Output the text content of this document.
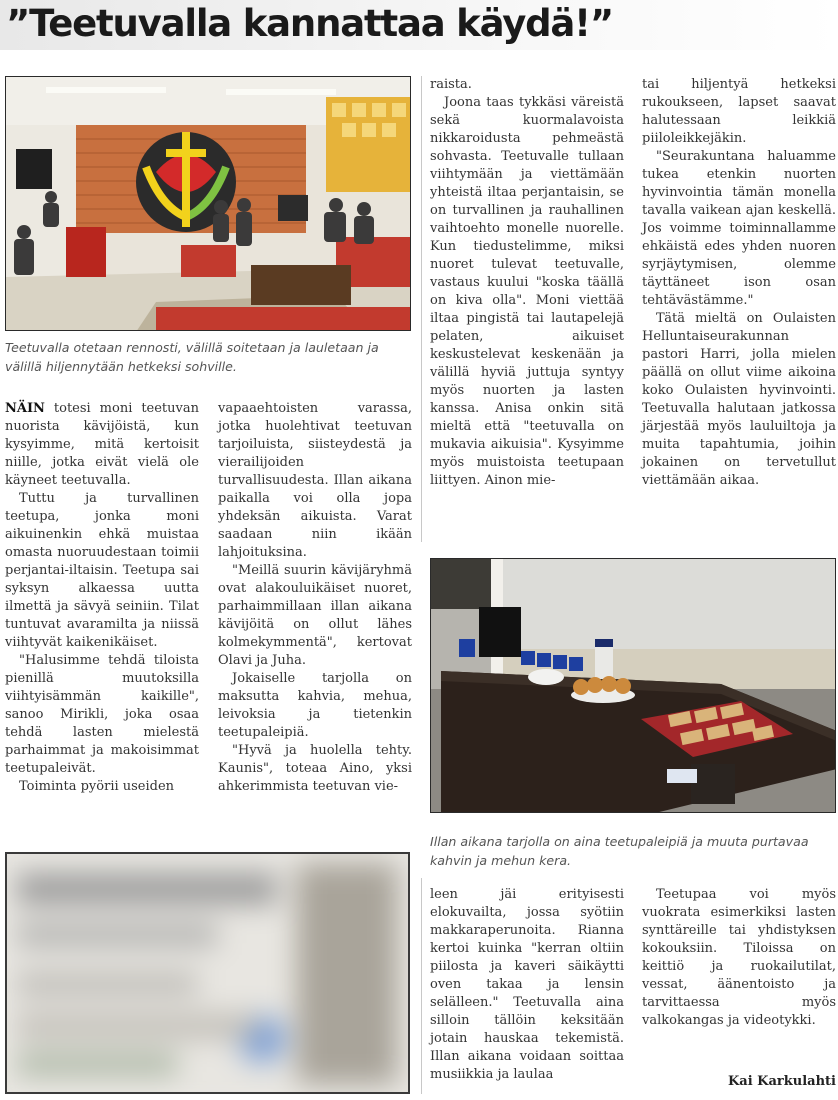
”Teetuvalla kannattaa käydä!”
Teetuvalla otetaan rennosti, välillä soitetaan ja lauletaan ja välillä hiljennytään hetkeksi sohville.

NÄIN totesi moni teetuvan nuorista kävijöistä, kun kysyimme, mitä kertoisit niille, jotka eivät vielä ole käyneet teetuvalla.

Tuttu ja turvallinen teetupa, jonka moni aikuinenkin ehkä muistaa omasta nuoruudestaan toimii perjantai-iltaisin. Teetupa sai syksyn alkaessa uutta ilmettä ja sävyä seiniin. Tilat tuntuvat avaramilta ja niissä viihtyvät kaikenikäiset.

"Halusimme tehdä tiloista pienillä muutoksilla viihtyisämmän kaikille", sanoo Mirikli, joka osaa tehdä lasten mielestä parhaimmat ja makoisimmat teetupaleivät.

Toiminta pyörii useiden

vapaaehtoisten varassa, jotka huolehtivat teetuvan tarjoiluista, siisteydestä ja vierailijoiden turvallisuudesta. Illan aikana paikalla voi olla jopa yhdeksän aikuista. Varat saadaan niin ikään lahjoituksina.

"Meillä suurin kävijäryhmä ovat alakouluikäiset nuoret, parhaimmillaan illan aikana kävijöitä on ollut lähes kolmekymmentä", kertovat Olavi ja Juha.

Jokaiselle tarjolla on maksutta kahvia, mehua, leivoksia ja tietenkin teetupaleipiä.

"Hyvä ja huolella tehty. Kaunis", toteaa Aino, yksi ahkerimmista teetuvan vie-

raista.

Joona taas tykkäsi väreistä sekä kuormalavoista nikkaroidusta pehmeästä sohvasta. Teetuvalle tullaan viihtymään ja viettämään yhteistä iltaa perjantaisin, se on turvallinen ja rauhallinen vaihtoehto monelle nuorelle. Kun tiedustelimme, miksi nuoret tulevat teetuvalle, vastaus kuului "koska täällä on kiva olla". Moni viettää iltaa pingistä tai lautapelejä pelaten, aikuiset keskustelevat keskenään ja välillä hyviä juttuja syntyy myös nuorten ja lasten kanssa. Anisa onkin sitä mieltä että "teetuvalla on mukavia aikuisia". Kysyimme myös muistoista teetupaan liittyen. Ainon mie-

tai hiljentyä hetkeksi rukoukseen, lapset saavat halutessaan leikkiä piiloleikkejäkin.

"Seurakuntana haluamme tukea etenkin nuorten hyvinvointia tämän monella tavalla vaikean ajan keskellä. Jos voimme toiminnallamme ehkäistä edes yhden nuoren syrjäytymisen, olemme täyttäneet ison osan tehtävästämme."

Tätä mieltä on Oulaisten Helluntaiseurakunnan pastori Harri, jolla mielen päällä on ollut viime aikoina koko Oulaisten hyvinvointi. Teetuvalla halutaan jatkossa järjestää myös lauluiltoja ja muita tapahtumia, joihin jokainen on tervetullut viettämään aikaa.

Illan aikana tarjolla on aina teetupaleipiä ja muuta purtavaa kahvin ja mehun kera.

leen jäi erityisesti elokuvailta, jossa syötiin makkaraperunoita. Rianna kertoi kuinka "kerran oltiin piilosta ja kaveri säikäytti oven takaa ja lensin selälleen." Teetuvalla aina silloin tällöin keksitään jotain hauskaa tekemistä. Illan aikana voidaan soittaa musiikkia ja laulaa

Teetupaa voi myös vuokrata esimerkiksi lasten synttäreille tai yhdistyksen kokouksiin. Tiloissa on keittiö ja ruokailutilat, vessat, äänentoisto ja tarvittaessa myös valkokangas ja videotykki.

Kai Karkulahti
